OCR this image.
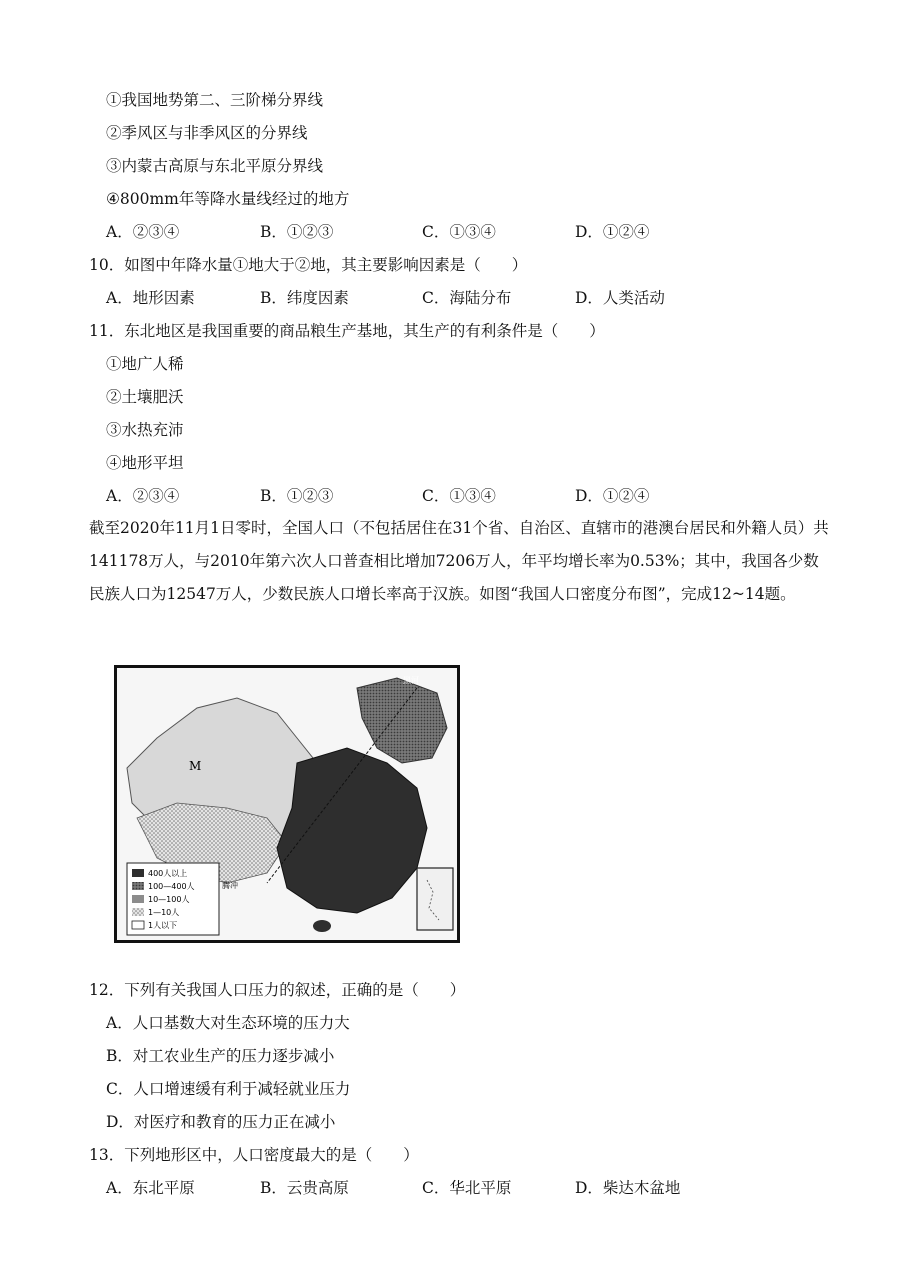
①我国地势第二、三阶梯分界线
②季风区与非季风区的分界线
③内蒙古高原与东北平原分界线
④800mm年等降水量线经过的地方
A．②③④	B．①②③	C．①③④	D．①②④
10．如图中年降水量①地大于②地，其主要影响因素是（　　）
A．地形因素	B．纬度因素	C．海陆分布	D．人类活动
11．东北地区是我国重要的商品粮生产基地，其生产的有利条件是（　　）
①地广人稀
②土壤肥沃
③水热充沛
④地形平坦
A．②③④	B．①②③	C．①③④	D．①②④
截至2020年11月1日零时，全国人口（不包括居住在31个省、自治区、直辖市的港澳台居民和外籍人员）共141178万人，与2010年第六次人口普查相比增加7206万人，年平均增长率为0.53%；其中，我国各少数民族人口为12547万人，少数民族人口增长率高于汉族。如图“我国人口密度分布图”，完成12~14题。
400人以上
100—400人
10—100人
1—10人
1人以下
M
黑河
腾冲
12．下列有关我国人口压力的叙述，正确的是（　　）
A．人口基数大对生态环境的压力大
B．对工农业生产的压力逐步减小
C．人口增速缓有利于减轻就业压力
D．对医疗和教育的压力正在减小
13．下列地形区中，人口密度最大的是（　　）
A．东北平原	B．云贵高原	C．华北平原	D．柴达木盆地
